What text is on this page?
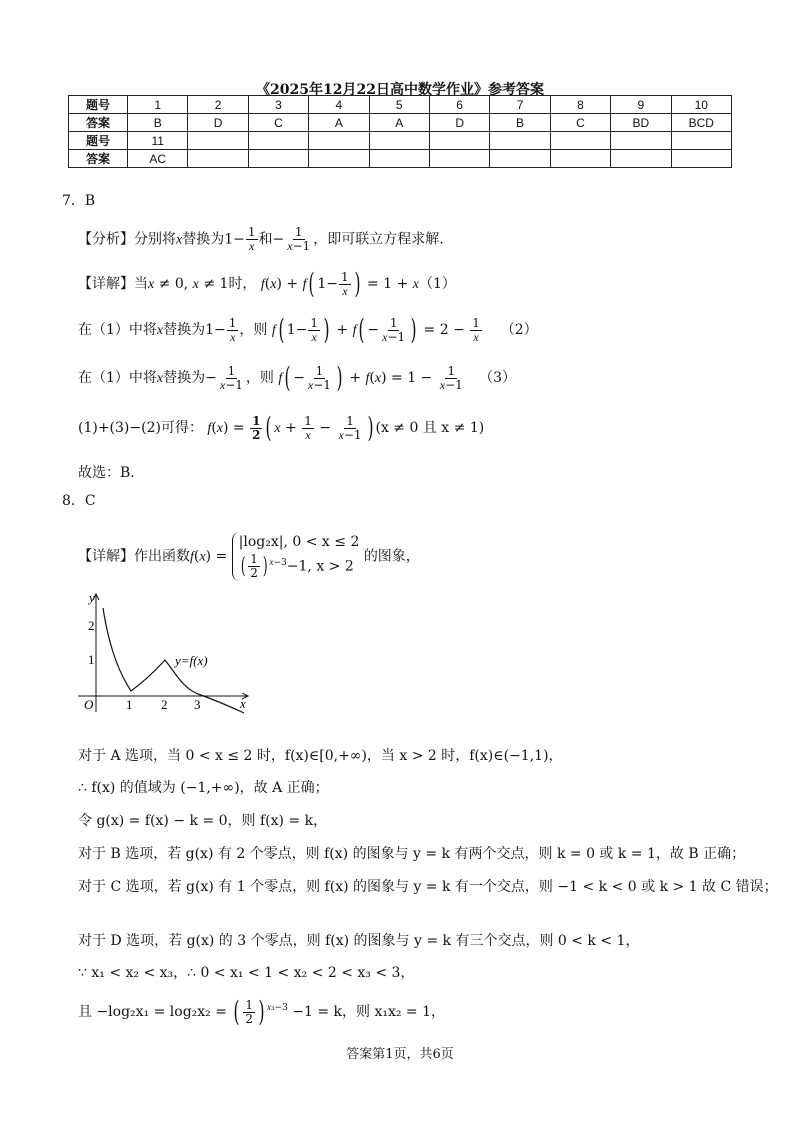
《2025年12月22日高中数学作业》参考答案
题号	1	2	3	4	5	6	7	8	9	10
答案	B	D	C	A	A	D	B	C	BD	BCD
题号	11									
答案	AC									
7．B
【分析】分别将x替换为$1- \frac{1}{x}$ 和− $\frac{1}{x-1}$ ，即可联立方程求解.
【详解】当x ≠ 0, x ≠ 1时， f(x) + f( $1- \frac{1}{x}$ ) = 1 + x（1）
在（1）中将x替换为$1- \frac{1}{x}$ ，则 f( $1- \frac{1}{x}$ ) + $f( - \frac{1}{x-1}$ ) = $2 - \frac{1}{x} (2)$
在（1）中将x替换为− $\frac{1}{x-1}$ ，则 $f( - \frac{1}{x-1}$ ) + $f(x) = 1 - \frac{1}{x-1} (3)$
(1)+(3)−(2)可得： $f(x) = \frac{1}{2}$ ( $x + \frac{1}{x} - \frac{1}{x-1}$ ) (x ≠ 0 且 x ≠ 1)
故选：B.
8．C
【详解】作出函数f(x) =
|log₂x|, 0 < x ≤ 2
( $\frac{1}{2}$ ) $^{x-3}$−1, x > 2
的图象，
y
x
O	1 2 3
1
2
y=f(x)
对于 A 选项，当 0 < x ≤ 2 时，f(x)∈[0,+∞)，当 x > 2 时，f(x)∈(−1,1)，
∴ f(x) 的值域为 (−1,+∞)，故 A 正确；
令 g(x) = f(x) − k = 0，则 f(x) = k，
对于 B 选项，若 g(x) 有 2 个零点，则 f(x) 的图象与 y = k 有两个交点，则 k = 0 或 k = 1，故 B 正确；
对于 C 选项，若 g(x) 有 1 个零点，则 f(x) 的图象与 y = k 有一个交点，则 −1 < k < 0 或 k > 1 故 C 错误；
对于 D 选项，若 g(x) 的 3 个零点，则 f(x) 的图象与 y = k 有三个交点，则 0 < k < 1，
∵ x₁ < x₂ < x₃，∴ 0 < x₁ < 1 < x₂ < 2 < x₃ < 3，
且 −log₂x₁ = log₂x₂ = ( $\frac{1}{2}$ ) $^{x_3-3}$ −1 = k，则 x₁x₂ = 1，
答案第1页，共6页
